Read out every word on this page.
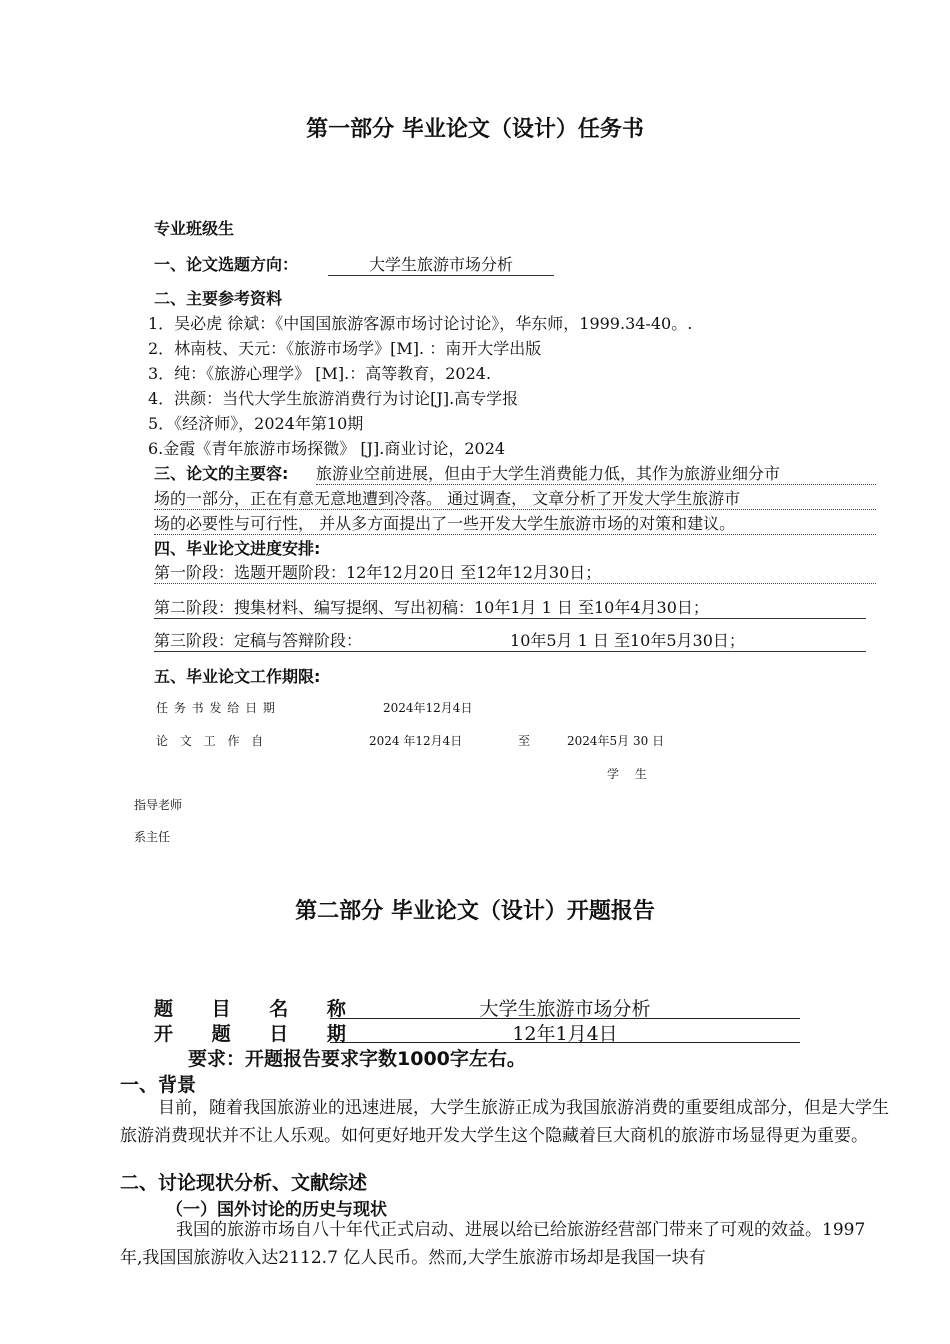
第一部分 毕业论文（设计）任务书
专业班级生
一、论文选题方向：	大学生旅游市场分析
二、主要参考资料
1．吴必虎 徐斌：《中国国旅游客源市场讨论讨论》，华东师，1999.34-40。.
2．林南枝、天元：《旅游市场学》[M]. ：南开大学出版
3．纯：《旅游心理学》 [M].：高等教育，2024.
4．洪颜：当代大学生旅游消费行为讨论[J].高专学报
5．《经济师》，2024年第10期
6.金霞《青年旅游市场探微》 [J].商业讨论，2024
三、论文的主要容: 旅游业空前进展，但由于大学生消费能力低，其作为旅游业细分市
场的一部分，正在有意无意地遭到冷落。 通过调查， 文章分析了开发大学生旅游市
场的必要性与可行性， 并从多方面提出了一些开发大学生旅游市场的对策和建议。
四、毕业论文进度安排:
第一阶段：选题开题阶段：12年12月20日 至12年12月30日；
第二阶段：搜集材料、编写提纲、写出初稿：10年1月 1 日 至10年4月30日；
第三阶段：定稿与答辩阶段：	10年5月 1 日 至10年5月30日；
五、毕业论文工作期限:
任 务 书 发 给 日 期	2024年12月4日
论 文 工 作 自	2024 年12月4日	至	2024年5月 30 日
学 生
指导老师
系主任
第二部分 毕业论文（设计）开题报告
题 目 名 称	大学生旅游市场分析
开 题 日 期	12年1月4日
要求：开题报告要求字数1000字左右。
一、背景
目前，随着我国旅游业的迅速进展，大学生旅游正成为我国旅游消费的重要组成部分，但是大学生旅游消费现状并不让人乐观。如何更好地开发大学生这个隐藏着巨大商机的旅游市场显得更为重要。
二、讨论现状分析、文献综述
（一）国外讨论的历史与现状
我国的旅游市场自八十年代正式启动、进展以给已给旅游经营部门带来了可观的效益。1997 年,我国国旅游收入达2112.7 亿人民币。然而,大学生旅游市场却是我国一块有
